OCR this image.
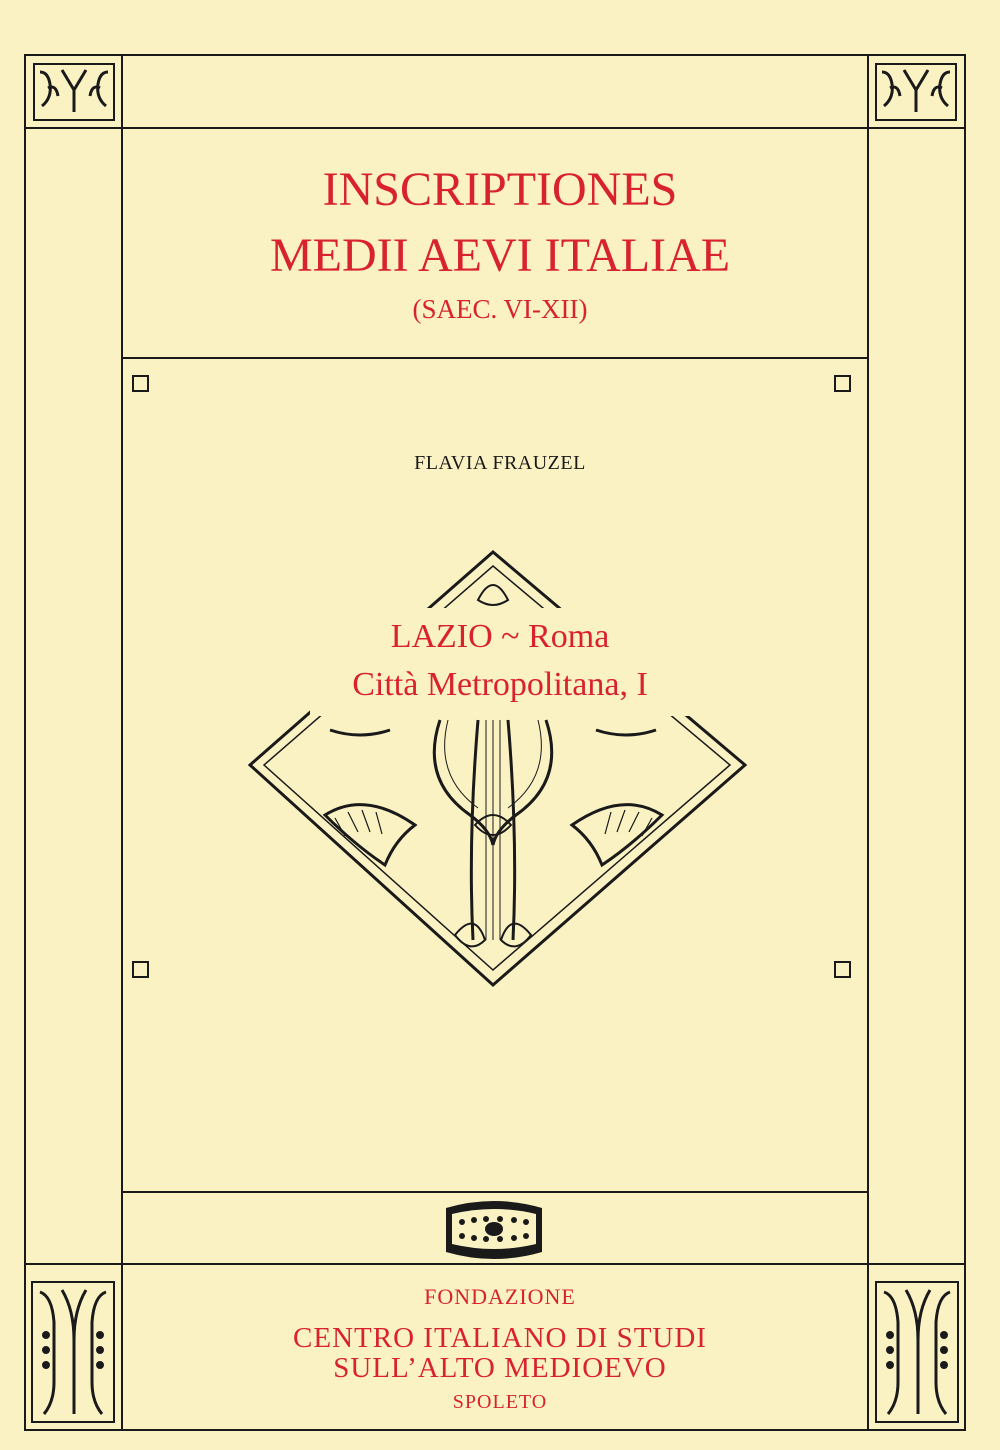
INSCRIPTIONES
MEDII AEVI ITALIAE
(SAEC. VI-XII)
FLAVIA FRAUZEL
LAZIO ~ Roma
Città Metropolitana, I
FONDAZIONE
CENTRO ITALIANO DI STUDI
SULL’ALTO MEDIOEVO
SPOLETO
